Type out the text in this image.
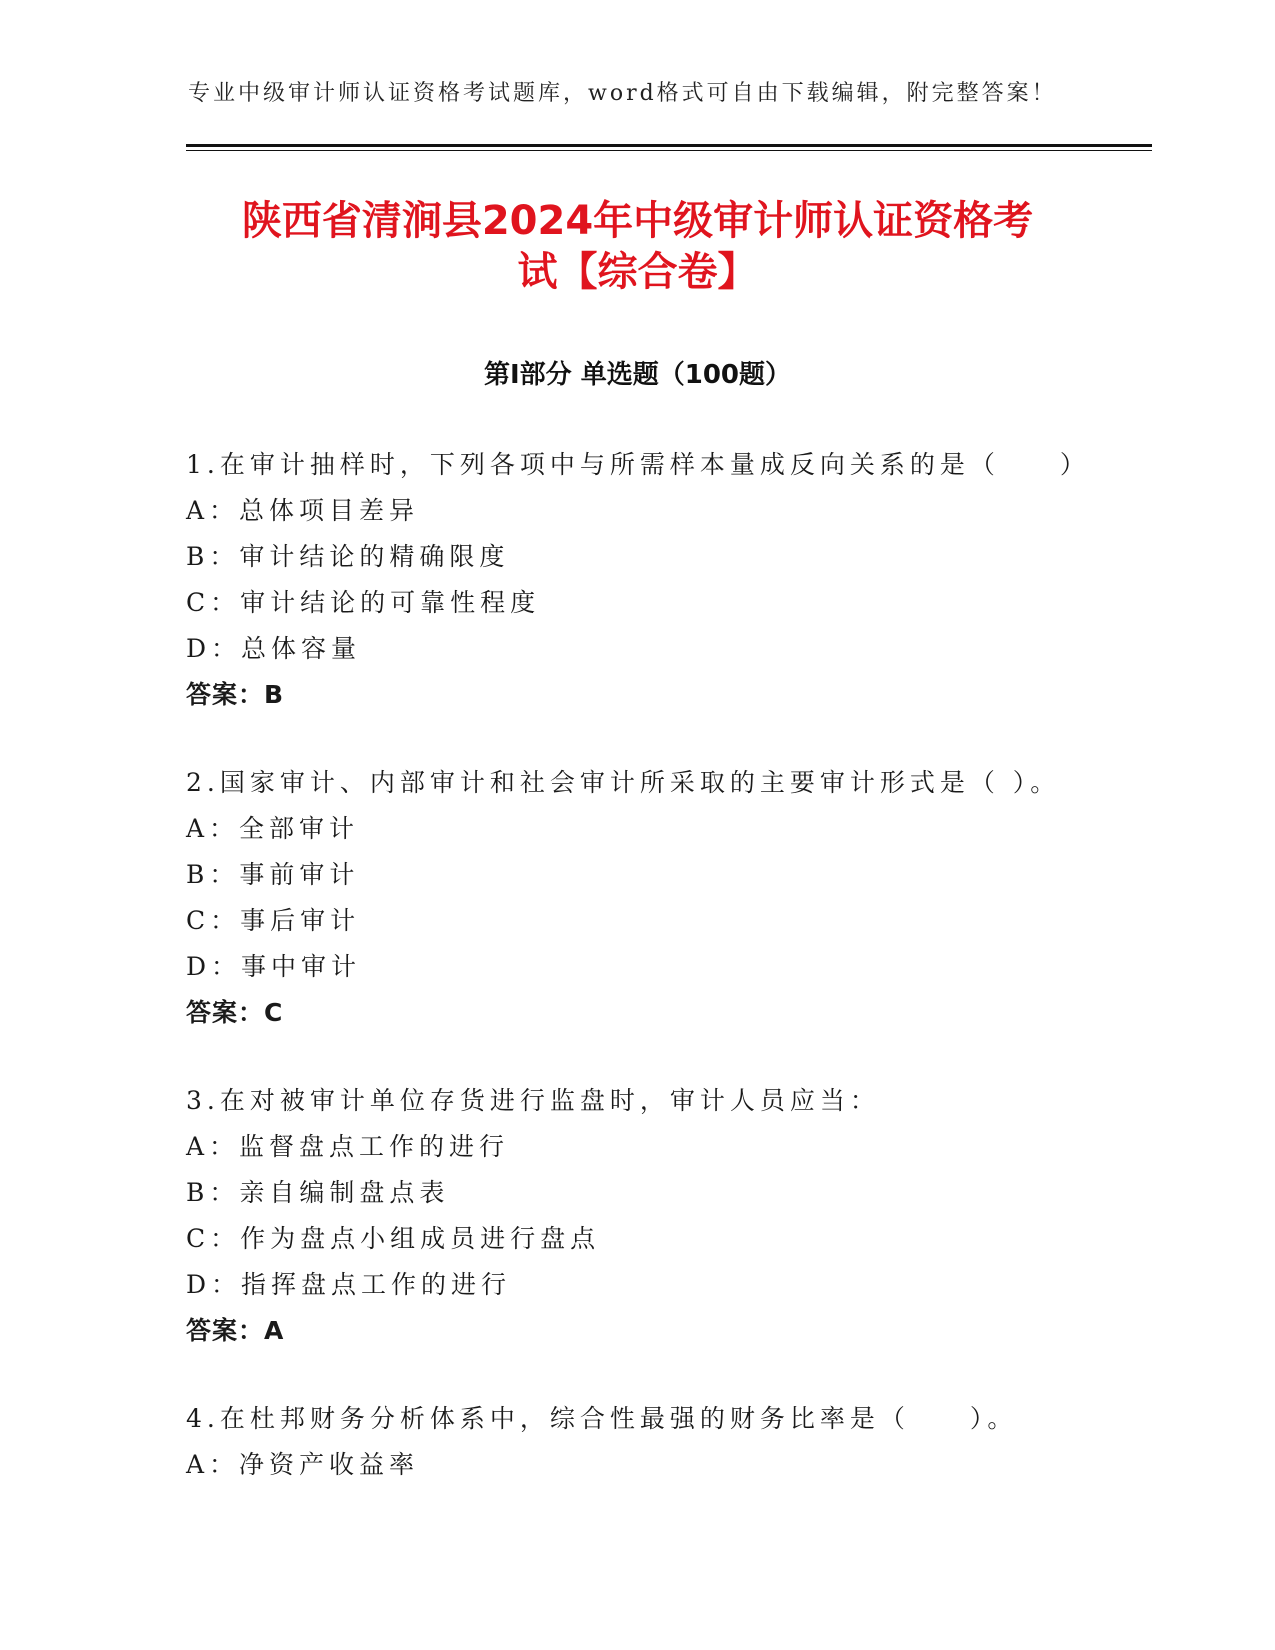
专业中级审计师认证资格考试题库，word格式可自由下载编辑，附完整答案！
陕西省清涧县2024年中级审计师认证资格考
试【综合卷】
第Ⅰ部分 单选题（100题）
1.在审计抽样时，下列各项中与所需样本量成反向关系的是（　　）
A：总体项目差异
B：审计结论的精确限度
C：审计结论的可靠性程度
D：总体容量
答案：B
2.国家审计、内部审计和社会审计所采取的主要审计形式是（ ）。
A：全部审计
B：事前审计
C：事后审计
D：事中审计
答案：C
3.在对被审计单位存货进行监盘时，审计人员应当：
A：监督盘点工作的进行
B：亲自编制盘点表
C：作为盘点小组成员进行盘点
D：指挥盘点工作的进行
答案：A
4.在杜邦财务分析体系中，综合性最强的财务比率是（　　）。
A：净资产收益率
